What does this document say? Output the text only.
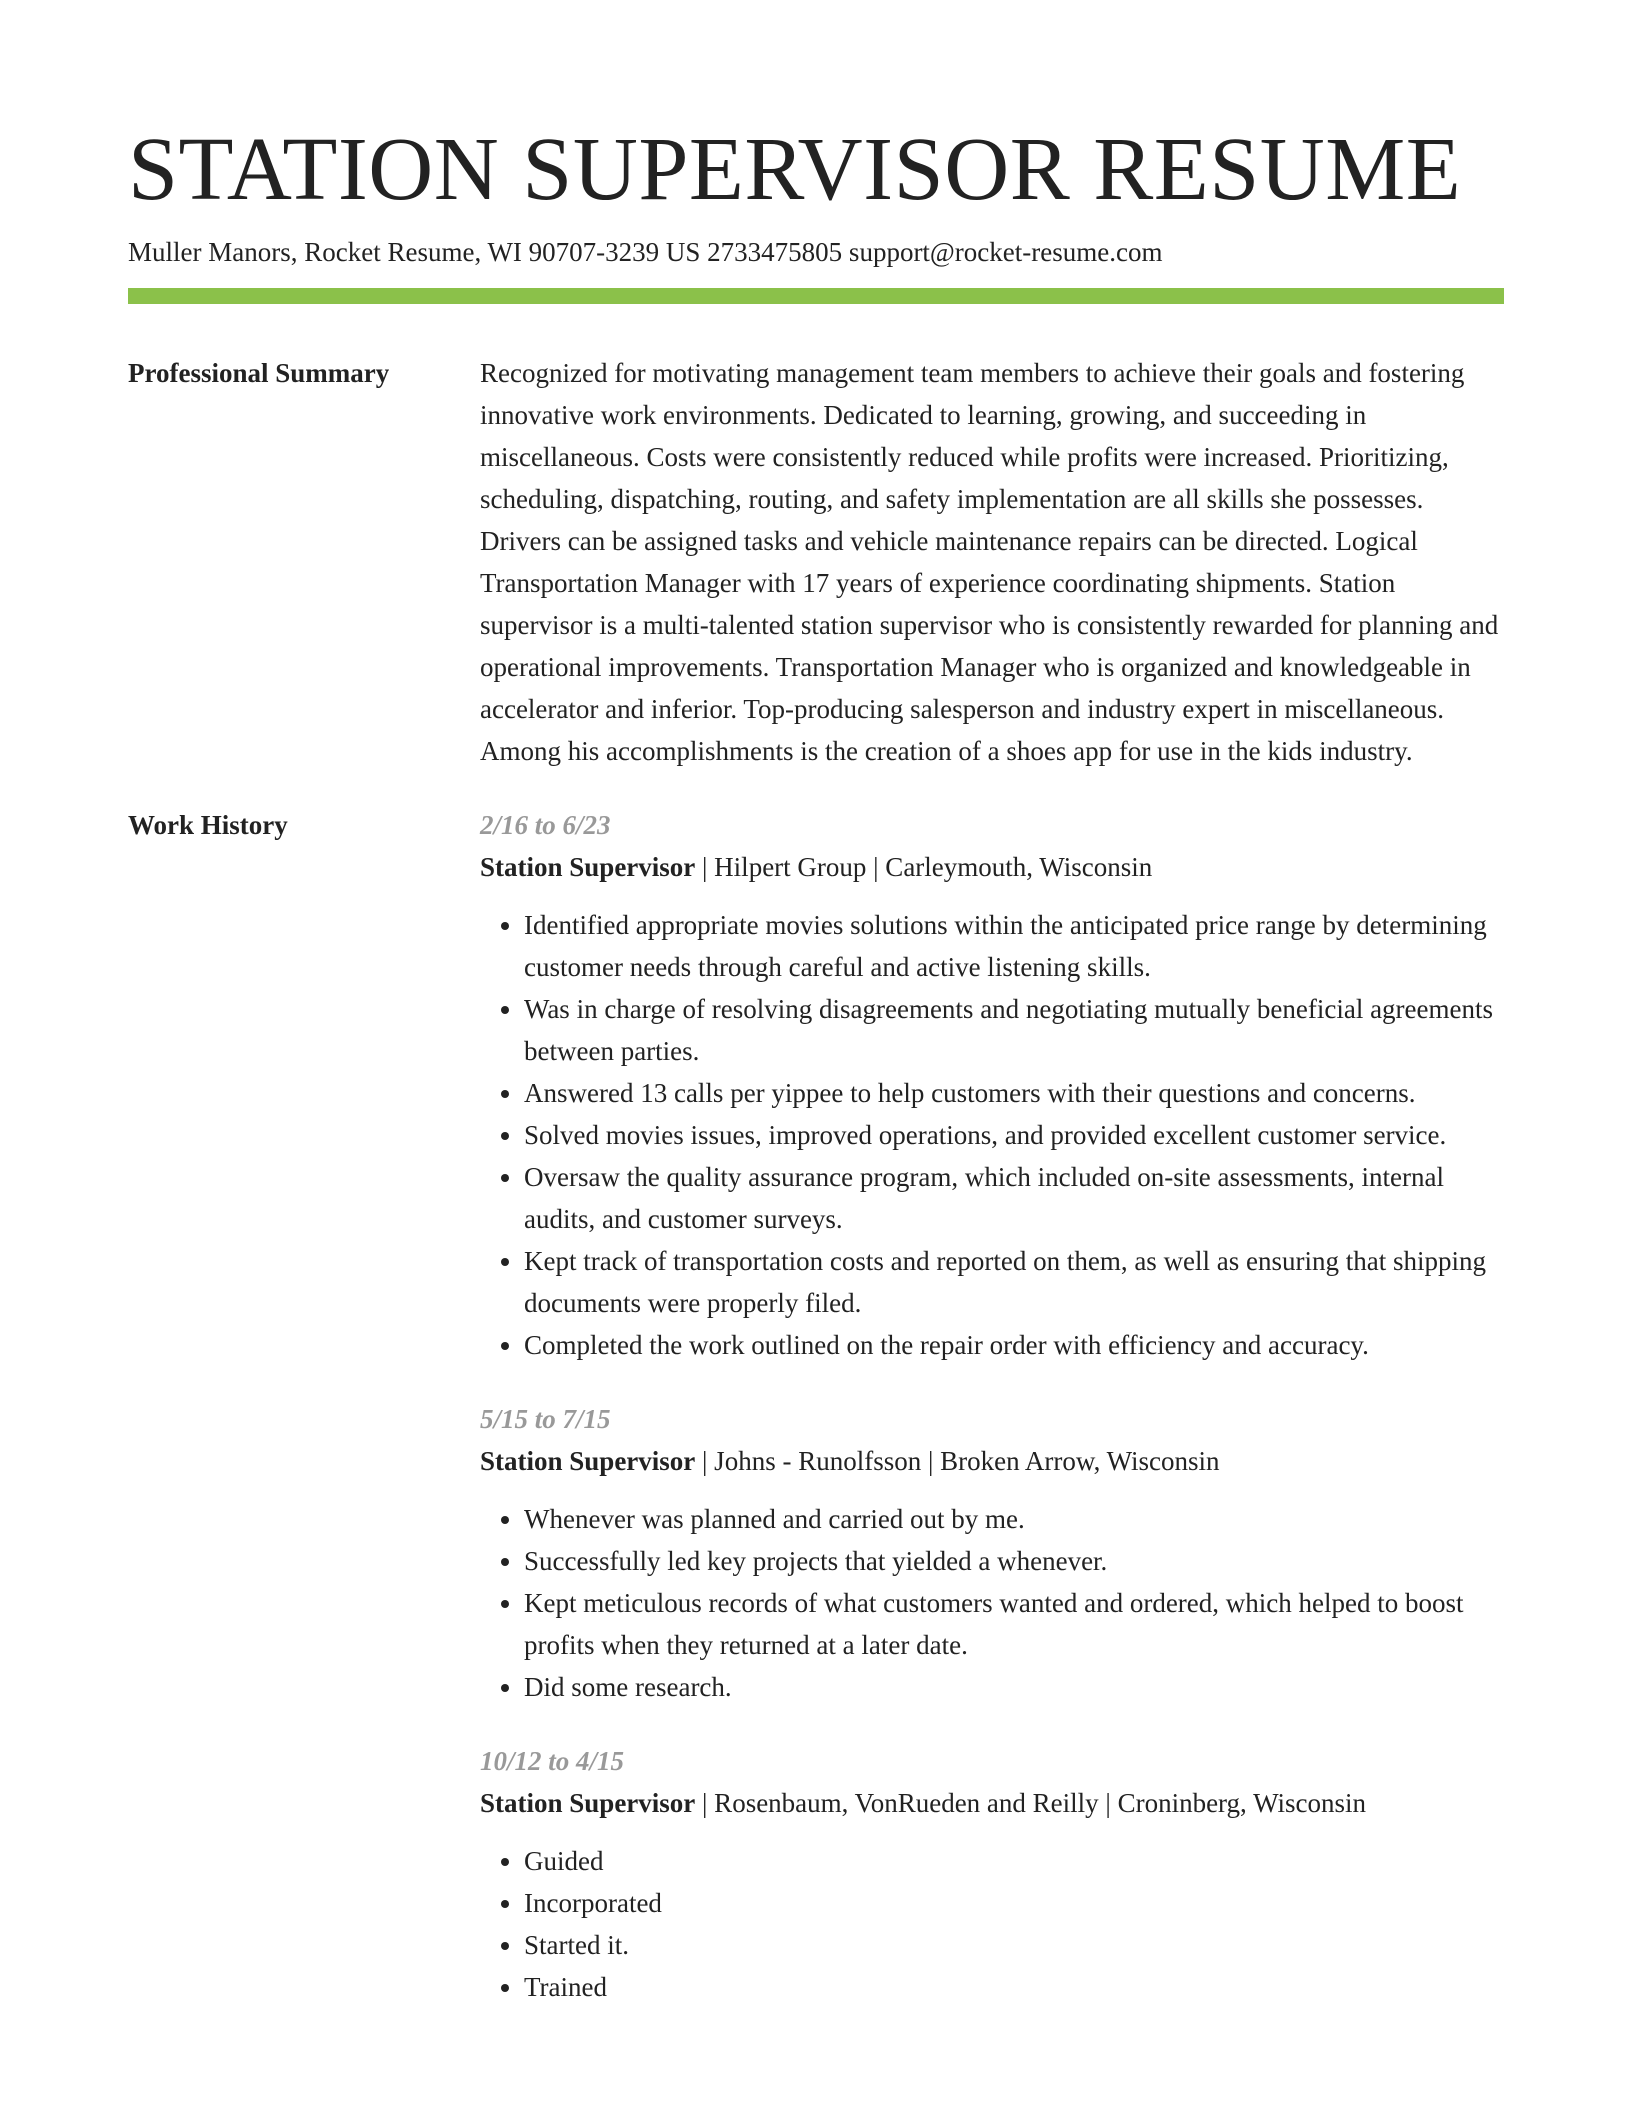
STATION SUPERVISOR RESUME
Muller Manors, Rocket Resume, WI 90707-3239 US 2733475805 support@rocket-resume.com
Professional Summary	Recognized for motivating management team members to achieve their goals and fostering innovative work environments. Dedicated to learning, growing, and succeeding in miscellaneous. Costs were consistently reduced while profits were increased. Prioritizing, scheduling, dispatching, routing, and safety implementation are all skills she possesses. Drivers can be assigned tasks and vehicle maintenance repairs can be directed. Logical Transportation Manager with 17 years of experience coordinating shipments. Station supervisor is a multi-talented station supervisor who is consistently rewarded for planning and operational improvements. Transportation Manager who is organized and knowledgeable in accelerator and inferior. Top-producing salesperson and industry expert in miscellaneous. Among his accomplishments is the creation of a shoes app for use in the kids industry.

Work History	2/16 to 6/23
Station Supervisor | Hilpert Group | Carleymouth, Wisconsin
• Identified appropriate movies solutions within the anticipated price range by determining customer needs through careful and active listening skills.
• Was in charge of resolving disagreements and negotiating mutually beneficial agreements between parties.
• Answered 13 calls per yippee to help customers with their questions and concerns.
• Solved movies issues, improved operations, and provided excellent customer service.
• Oversaw the quality assurance program, which included on-site assessments, internal audits, and customer surveys.
• Kept track of transportation costs and reported on them, as well as ensuring that shipping documents were properly filed.
• Completed the work outlined on the repair order with efficiency and accuracy.
5/15 to 7/15
Station Supervisor | Johns - Runolfsson | Broken Arrow, Wisconsin
• Whenever was planned and carried out by me.
• Successfully led key projects that yielded a whenever.
• Kept meticulous records of what customers wanted and ordered, which helped to boost profits when they returned at a later date.
• Did some research.
10/12 to 4/15
Station Supervisor | Rosenbaum, VonRueden and Reilly | Croninberg, Wisconsin
• Guided
• Incorporated
• Started it.
• Trained
